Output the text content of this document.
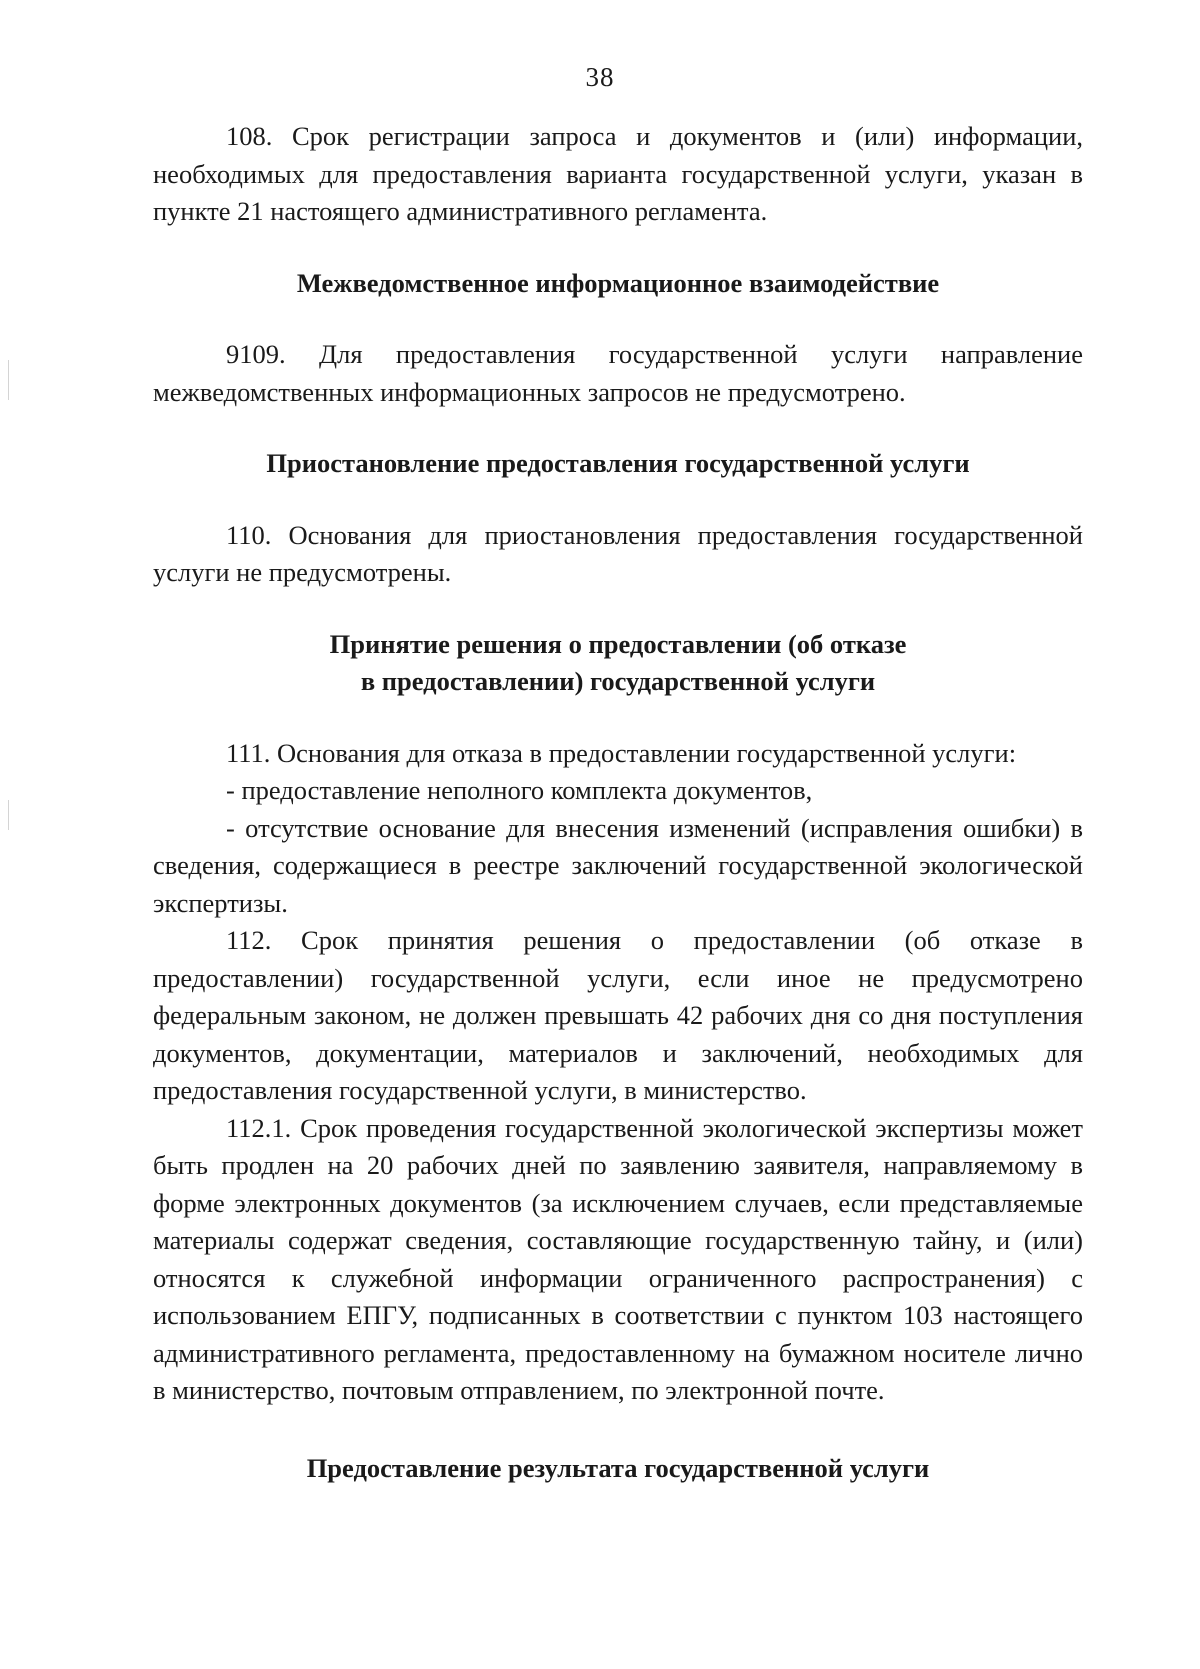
38

108. Срок регистрации запроса и документов и (или) информации, необходимых для предоставления варианта государственной услуги, указан в пункте 21 настоящего административного регламента.

Межведомственное информационное взаимодействие

9109. Для предоставления государственной услуги направление межведомственных информационных запросов не предусмотрено.

Приостановление предоставления государственной услуги

110. Основания для приостановления предоставления государственной услуги не предусмотрены.

Принятие решения о предоставлении (об отказе
в предоставлении) государственной услуги

111. Основания для отказа в предоставлении государственной услуги:

- предоставление неполного комплекта документов,

- отсутствие основание для внесения изменений (исправления ошибки) в сведения, содержащиеся в реестре заключений государственной экологической экспертизы.

112. Срок принятия решения о предоставлении (об отказе в предоставлении) государственной услуги, если иное не предусмотрено федеральным законом, не должен превышать 42 рабочих дня со дня поступления документов, документации, материалов и заключений, необходимых для предоставления государственной услуги, в министерство.

112.1. Срок проведения государственной экологической экспертизы может быть продлен на 20 рабочих дней по заявлению заявителя, направляемому в форме электронных документов (за исключением случаев, если представляемые материалы содержат сведения, составляющие государственную тайну, и (или) относятся к служебной информации ограниченного распространения) с использованием ЕПГУ, подписанных в соответствии с пунктом 103 настоящего административного регламента, предоставленному на бумажном носителе лично в министерство, почтовым отправлением, по электронной почте.

Предоставление результата государственной услуги
